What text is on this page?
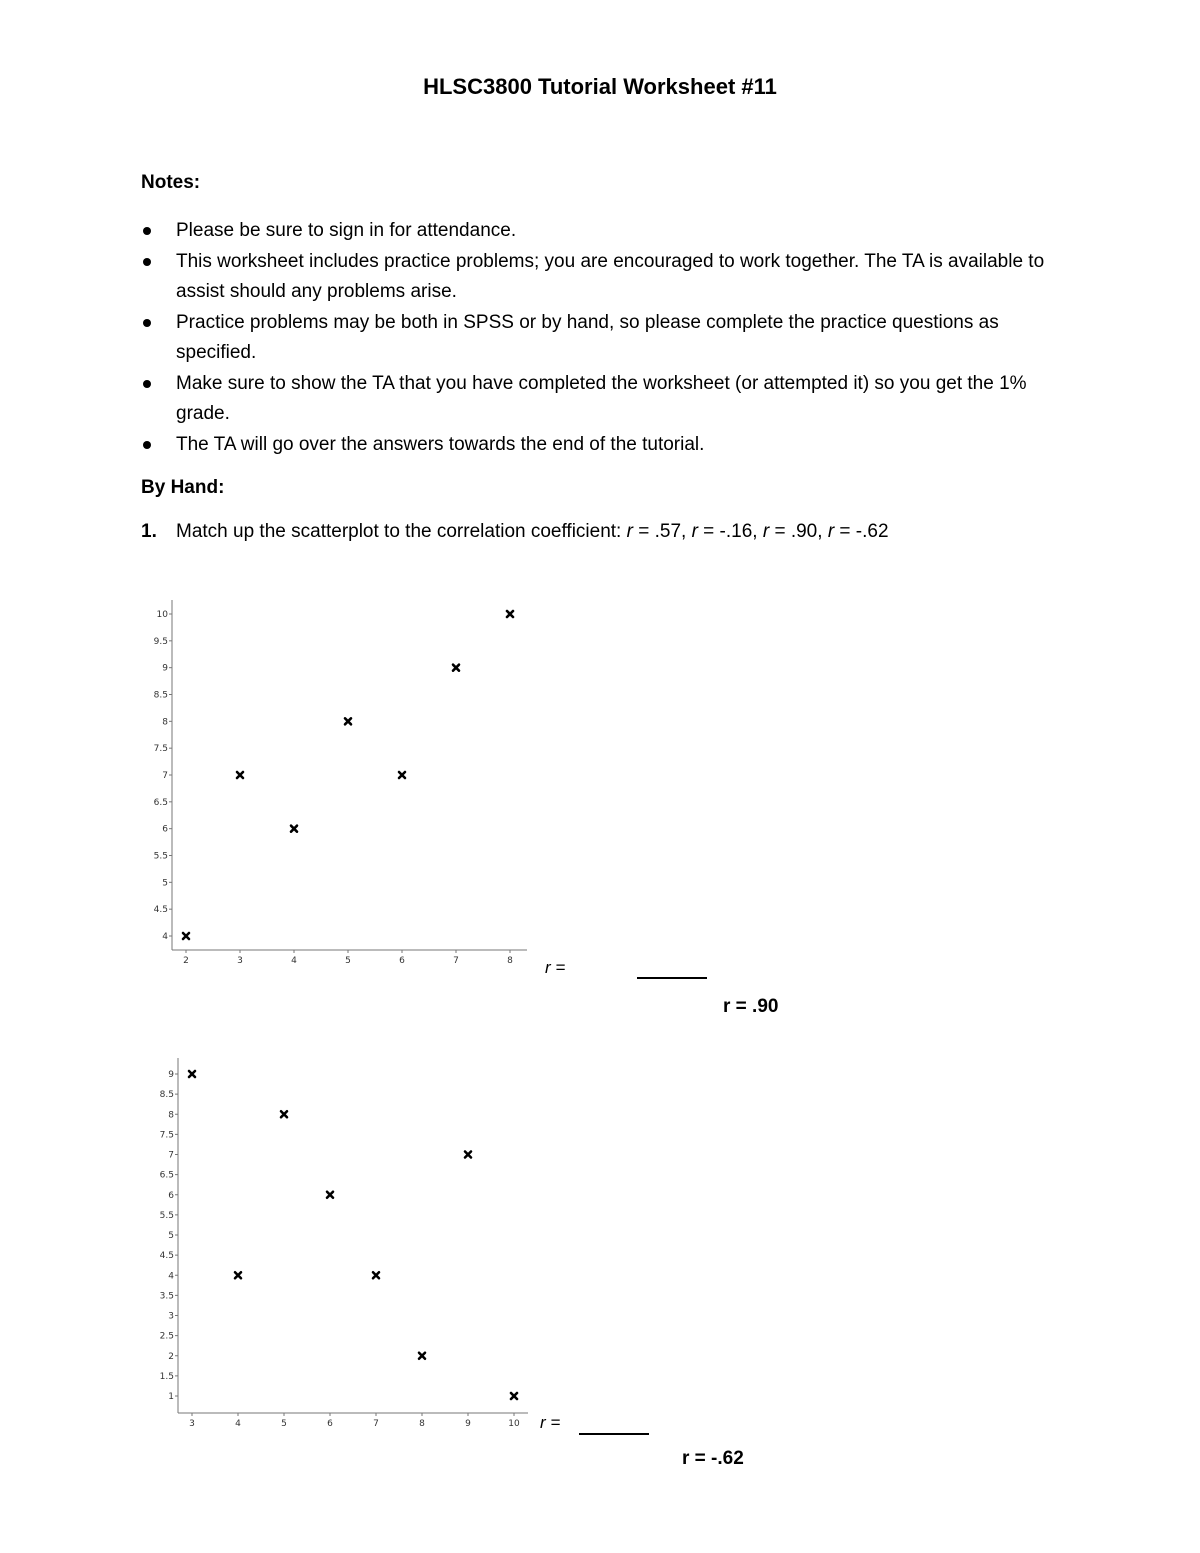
HLSC3800 Tutorial Worksheet #11
Notes:
Please be sure to sign in for attendance.
This worksheet includes practice problems; you are encouraged to work together. The TA is available to assist should any problems arise.
Practice problems may be both in SPSS or by hand, so please complete the practice questions as specified.
Make sure to show the TA that you have completed the worksheet (or attempted it) so you get the 1% grade.
The TA will go over the answers towards the end of the tutorial.
By Hand:
1. Match up the scatterplot to the correlation coefficient: r = .57, r = -.16, r = .90, r = -.62
4
4.5
5
5.5
6
6.5
7
7.5
8
8.5
9
9.5
10
2	3	4	5	6	7	8 r =
r = .90
1
1.5
2
2.5
3
3.5
4
4.5
5
5.5
6
6.5
7
7.5
8
8.5
9
3	4	5	6	7	8	9	10 r =
r = -.62
